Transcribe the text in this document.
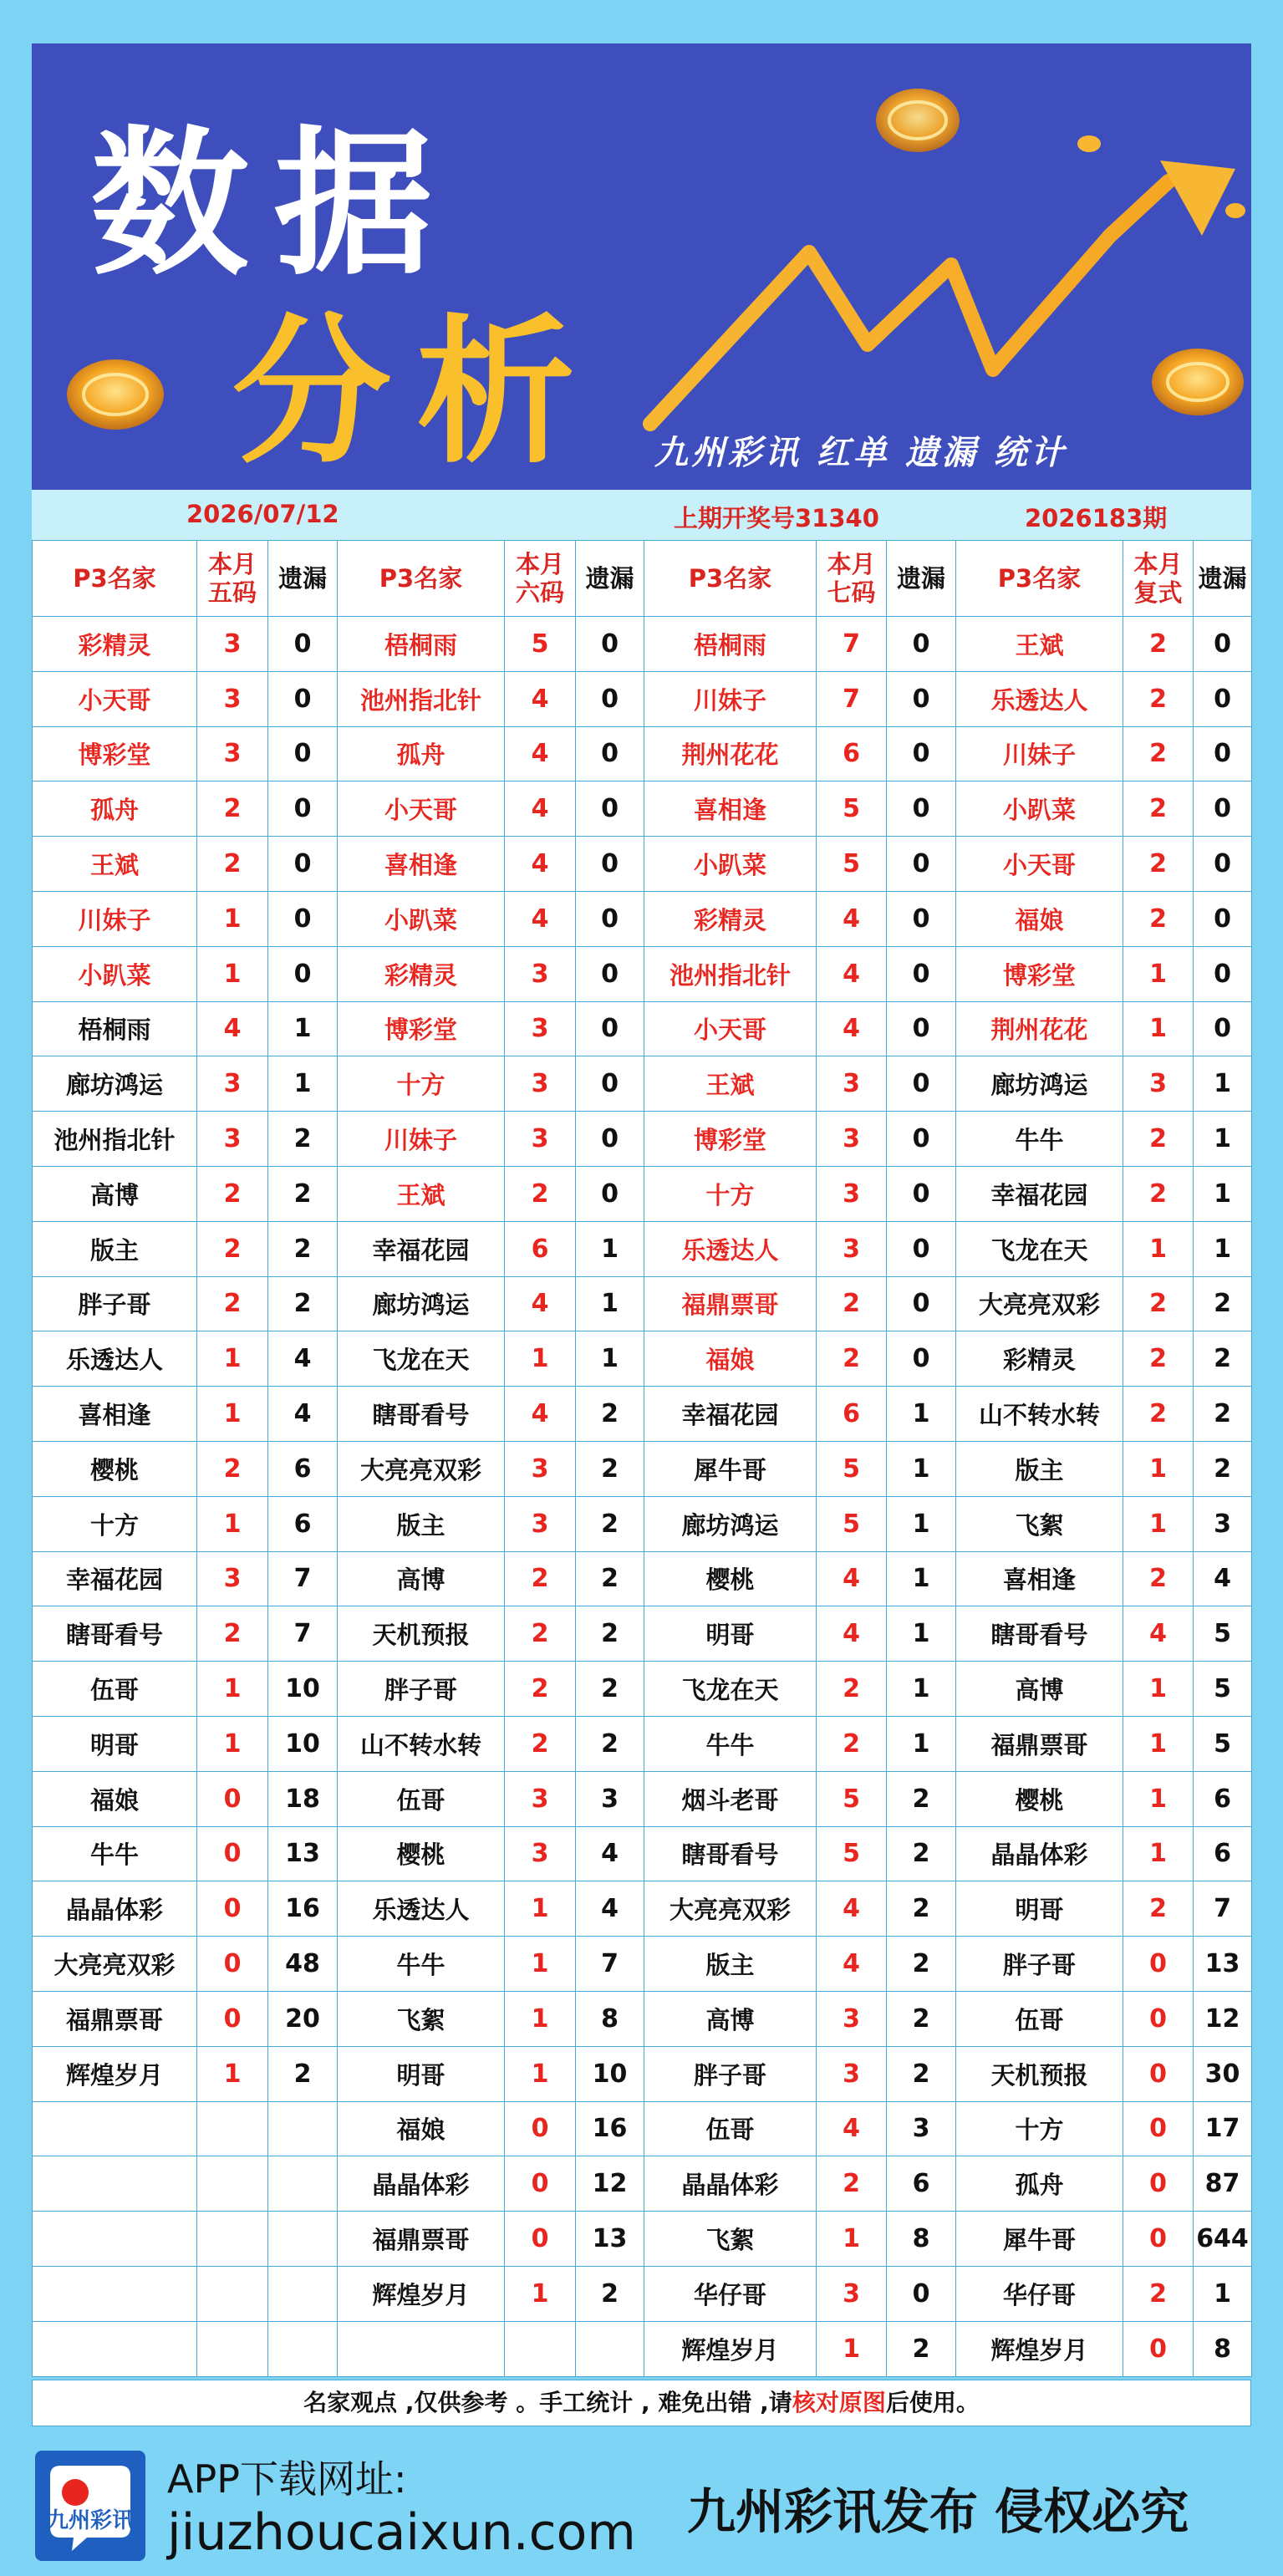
数据
分析 九州彩讯 红单 遗漏 统计
2026/07/12	上期开奖号31340	2026183期
P3名家	本月五码	遗漏	P3名家	本月六码	遗漏	P3名家	本月七码	遗漏	P3名家	本月复式	遗漏
彩精灵	3	0	梧桐雨	5	0	梧桐雨	7	0	王斌	2	0
小天哥	3	0	池州指北针	4	0	川妹子	7	0	乐透达人	2	0
博彩堂	3	0	孤舟	4	0	荆州花花	6	0	川妹子	2	0
孤舟	2	0	小天哥	4	0	喜相逢	5	0	小趴菜	2	0
王斌	2	0	喜相逢	4	0	小趴菜	5	0	小天哥	2	0
川妹子	1	0	小趴菜	4	0	彩精灵	4	0	福娘	2	0
小趴菜	1	0	彩精灵	3	0	池州指北针	4	0	博彩堂	1	0
梧桐雨	4	1	博彩堂	3	0	小天哥	4	0	荆州花花	1	0
廊坊鸿运	3	1	十方	3	0	王斌	3	0	廊坊鸿运	3	1
池州指北针	3	2	川妹子	3	0	博彩堂	3	0	牛牛	2	1
高博	2	2	王斌	2	0	十方	3	0	幸福花园	2	1
版主	2	2	幸福花园	6	1	乐透达人	3	0	飞龙在天	1	1
胖子哥	2	2	廊坊鸿运	4	1	福鼎票哥	2	0	大亮亮双彩	2	2
乐透达人	1	4	飞龙在天	1	1	福娘	2	0	彩精灵	2	2
喜相逢	1	4	瞎哥看号	4	2	幸福花园	6	1	山不转水转	2	2
樱桃	2	6	大亮亮双彩	3	2	犀牛哥	5	1	版主	1	2
十方	1	6	版主	3	2	廊坊鸿运	5	1	飞絮	1	3
幸福花园	3	7	高博	2	2	樱桃	4	1	喜相逢	2	4
瞎哥看号	2	7	天机预报	2	2	明哥	4	1	瞎哥看号	4	5
伍哥	1	10	胖子哥	2	2	飞龙在天	2	1	高博	1	5
明哥	1	10	山不转水转	2	2	牛牛	2	1	福鼎票哥	1	5
福娘	0	18	伍哥	3	3	烟斗老哥	5	2	樱桃	1	6
牛牛	0	13	樱桃	3	4	瞎哥看号	5	2	晶晶体彩	1	6
晶晶体彩	0	16	乐透达人	1	4	大亮亮双彩	4	2	明哥	2	7
大亮亮双彩	0	48	牛牛	1	7	版主	4	2	胖子哥	0	13
福鼎票哥	0	20	飞絮	1	8	高博	3	2	伍哥	0	12
辉煌岁月	1	2	明哥	1	10	胖子哥	3	2	天机预报	0	30
			福娘	0	16	伍哥	4	3	十方	0	17
			晶晶体彩	0	12	晶晶体彩	2	6	孤舟	0	87
			福鼎票哥	0	13	飞絮	1	8	犀牛哥	0	644
			辉煌岁月	1	2	华仔哥	3	0	华仔哥	2	1
						辉煌岁月	1	2	辉煌岁月	0	8
名家观点 ,仅供参考 。手工统计 , 难免出错 ,请核对原图后使用。
九州彩讯
APP下载网址:
jiuzhoucaixun.com 九州彩讯发布 侵权必究
